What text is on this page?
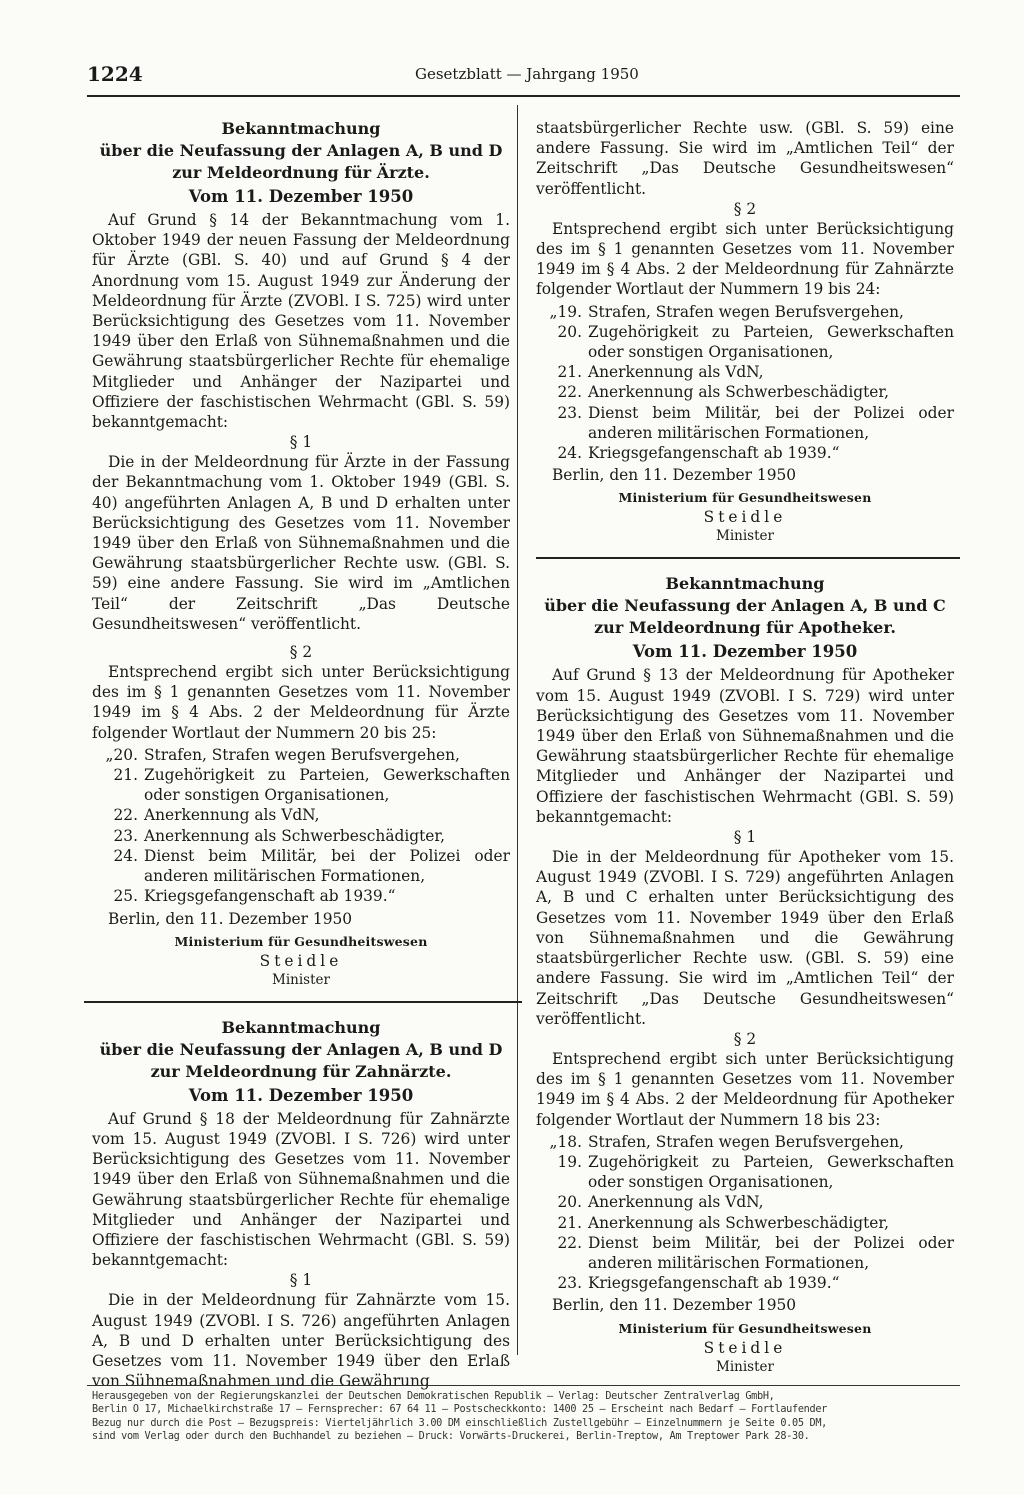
1224	Gesetzblatt — Jahrgang 1950
Bekanntmachung
über die Neufassung der Anlagen A, B und D
zur Meldeordnung für Ärzte.
Vom 11. Dezember 1950

Auf Grund § 14 der Bekanntmachung vom 1. Oktober 1949 der neuen Fassung der Meldeordnung für Ärzte (GBl. S. 40) und auf Grund § 4 der Anordnung vom 15. August 1949 zur Änderung der Meldeordnung für Ärzte (ZVOBl. I S. 725) wird unter Berücksichtigung des Gesetzes vom 11. November 1949 über den Erlaß von Sühnemaßnahmen und die Gewährung staatsbürgerlicher Rechte für ehemalige Mitglieder und Anhänger der Nazipartei und Offiziere der faschistischen Wehrmacht (GBl. S. 59) bekanntgemacht:

§ 1

Die in der Meldeordnung für Ärzte in der Fassung der Bekanntmachung vom 1. Oktober 1949 (GBl. S. 40) angeführten Anlagen A, B und D erhalten unter Berücksichtigung des Gesetzes vom 11. November 1949 über den Erlaß von Sühnemaßnahmen und die Gewährung staatsbürgerlicher Rechte usw. (GBl. S. 59) eine andere Fassung. Sie wird im „Amtlichen Teil“ der Zeitschrift „Das Deutsche Gesundheitswesen“ veröffentlicht.

§ 2

Entsprechend ergibt sich unter Berücksichtigung des im § 1 genannten Gesetzes vom 11. November 1949 im § 4 Abs. 2 der Meldeordnung für Ärzte folgender Wortlaut der Nummern 20 bis 25:

„20. Strafen, Strafen wegen Berufsvergehen,
21. Zugehörigkeit zu Parteien, Gewerkschaften oder sonstigen Organisationen,
22. Anerkennung als VdN,
23. Anerkennung als Schwerbeschädigter,
24. Dienst beim Militär, bei der Polizei oder anderen militärischen Formationen,
25. Kriegsgefangenschaft ab 1939.“
Berlin, den 11. Dezember 1950
Ministerium für Gesundheitswesen
Steidle
Minister
Bekanntmachung
über die Neufassung der Anlagen A, B und D
zur Meldeordnung für Zahnärzte.
Vom 11. Dezember 1950

Auf Grund § 18 der Meldeordnung für Zahnärzte vom 15. August 1949 (ZVOBl. I S. 726) wird unter Berücksichtigung des Gesetzes vom 11. November 1949 über den Erlaß von Sühnemaßnahmen und die Gewährung staatsbürgerlicher Rechte für ehemalige Mitglieder und Anhänger der Nazipartei und Offiziere der faschistischen Wehrmacht (GBl. S. 59) bekanntgemacht:

§ 1

Die in der Meldeordnung für Zahnärzte vom 15. August 1949 (ZVOBl. I S. 726) angeführten Anlagen A, B und D erhalten unter Berücksichtigung des Gesetzes vom 11. November 1949 über den Erlaß von Sühnemaßnahmen und die Gewährung

staatsbürgerlicher Rechte usw. (GBl. S. 59) eine andere Fassung. Sie wird im „Amtlichen Teil“ der Zeitschrift „Das Deutsche Gesundheitswesen“ veröffentlicht.

§ 2

Entsprechend ergibt sich unter Berücksichtigung des im § 1 genannten Gesetzes vom 11. November 1949 im § 4 Abs. 2 der Meldeordnung für Zahnärzte folgender Wortlaut der Nummern 19 bis 24:

„19. Strafen, Strafen wegen Berufsvergehen,
20. Zugehörigkeit zu Parteien, Gewerkschaften oder sonstigen Organisationen,
21. Anerkennung als VdN,
22. Anerkennung als Schwerbeschädigter,
23. Dienst beim Militär, bei der Polizei oder anderen militärischen Formationen,
24. Kriegsgefangenschaft ab 1939.“
Berlin, den 11. Dezember 1950
Ministerium für Gesundheitswesen
Steidle
Minister
Bekanntmachung
über die Neufassung der Anlagen A, B und C
zur Meldeordnung für Apotheker.
Vom 11. Dezember 1950

Auf Grund § 13 der Meldeordnung für Apotheker vom 15. August 1949 (ZVOBl. I S. 729) wird unter Berücksichtigung des Gesetzes vom 11. November 1949 über den Erlaß von Sühnemaßnahmen und die Gewährung staatsbürgerlicher Rechte für ehemalige Mitglieder und Anhänger der Nazipartei und Offiziere der faschistischen Wehrmacht (GBl. S. 59) bekanntgemacht:

§ 1

Die in der Meldeordnung für Apotheker vom 15. August 1949 (ZVOBl. I S. 729) angeführten Anlagen A, B und C erhalten unter Berücksichtigung des Gesetzes vom 11. November 1949 über den Erlaß von Sühnemaßnahmen und die Gewährung staatsbürgerlicher Rechte usw. (GBl. S. 59) eine andere Fassung. Sie wird im „Amtlichen Teil“ der Zeitschrift „Das Deutsche Gesundheitswesen“ veröffentlicht.

§ 2

Entsprechend ergibt sich unter Berücksichtigung des im § 1 genannten Gesetzes vom 11. November 1949 im § 4 Abs. 2 der Meldeordnung für Apotheker folgender Wortlaut der Nummern 18 bis 23:

„18. Strafen, Strafen wegen Berufsvergehen,
19. Zugehörigkeit zu Parteien, Gewerkschaften oder sonstigen Organisationen,
20. Anerkennung als VdN,
21. Anerkennung als Schwerbeschädigter,
22. Dienst beim Militär, bei der Polizei oder anderen militärischen Formationen,
23. Kriegsgefangenschaft ab 1939.“
Berlin, den 11. Dezember 1950
Ministerium für Gesundheitswesen
Steidle
Minister
Herausgegeben von der Regierungskanzlei der Deutschen Demokratischen Republik — Verlag: Deutscher Zentralverlag GmbH,
Berlin O 17, Michaelkirchstraße 17 — Fernsprecher: 67 64 11 — Postscheckkonto: 1400 25 — Erscheint nach Bedarf — Fortlaufender
Bezug nur durch die Post — Bezugspreis: Vierteljährlich 3.00 DM einschließlich Zustellgebühr — Einzelnummern je Seite 0.05 DM,
sind vom Verlag oder durch den Buchhandel zu beziehen — Druck: Vorwärts-Druckerei, Berlin-Treptow, Am Treptower Park 28-30.
